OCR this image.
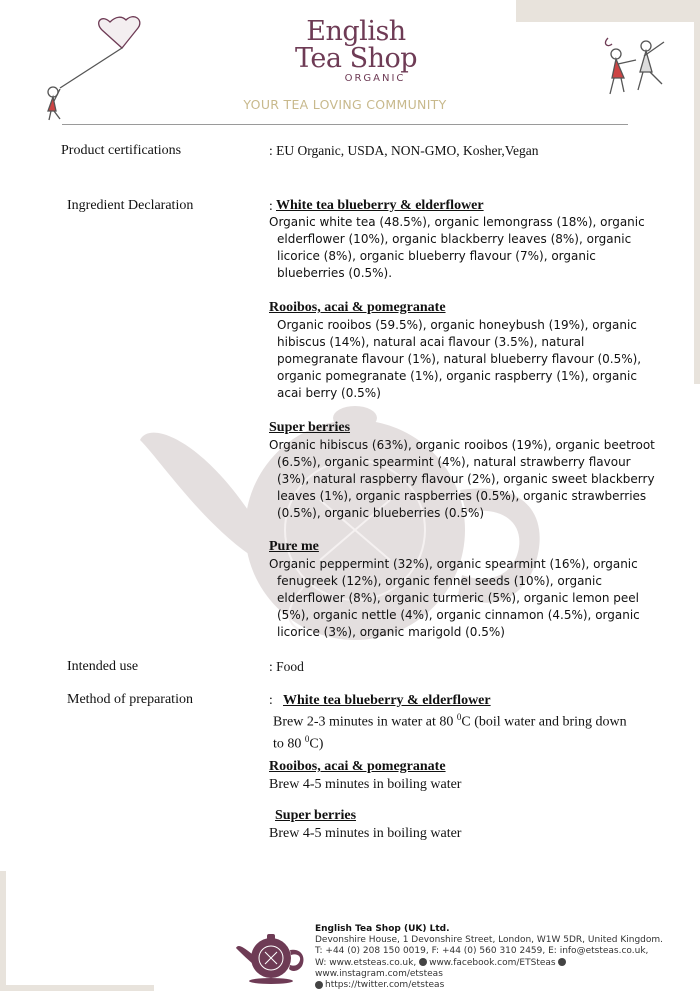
English
Tea Shop
ORGANIC
YOUR TEA LOVING COMMUNITY
Product certifications	: EU Organic, USDA, NON-GMO, Kosher,Vegan
Ingredient Declaration	: White tea blueberry & elderflower
Organic white tea (48.5%), organic lemongrass (18%), organic elderflower (10%), organic blackberry leaves (8%), organic licorice (8%), organic blueberry flavour (7%), organic blueberries (0.5%).
Rooibos, acai & pomegranate
Organic rooibos (59.5%), organic honeybush (19%), organic hibiscus (14%), natural acai flavour (3.5%), natural pomegranate flavour (1%), natural blueberry flavour (0.5%), organic pomegranate (1%), organic raspberry (1%), organic acai berry (0.5%)
Super berries
Organic hibiscus (63%), organic rooibos (19%), organic beetroot (6.5%), organic spearmint (4%), natural strawberry flavour (3%), natural raspberry flavour (2%), organic sweet blackberry leaves (1%), organic raspberries (0.5%), organic strawberries (0.5%), organic blueberries (0.5%)
Pure me
Organic peppermint (32%), organic spearmint (16%), organic fenugreek (12%), organic fennel seeds (10%), organic elderflower (8%), organic turmeric (5%), organic lemon peel (5%), organic nettle (4%), organic cinnamon (4.5%), organic licorice (3%), organic marigold (0.5%)
Intended use	: Food
Method of preparation	: White tea blueberry & elderflower
Brew 2-3 minutes in water at 80 $^0$C (boil water and bring down to 80 $^0$C)
Rooibos, acai & pomegranate
Brew 4-5 minutes in boiling water
Super berries
Brew 4-5 minutes in boiling water
English Tea Shop (UK) Ltd.
Devonshire House, 1 Devonshire Street, London, W1W 5DR, United Kingdom.
T: +44 (0) 208 150 0019, F: +44 (0) 560 310 2459, E: info@etsteas.co.uk,
W: www.etsteas.co.uk, www.facebook.com/ETSteas www.instagram.com/etsteas
https://twitter.com/etsteas
